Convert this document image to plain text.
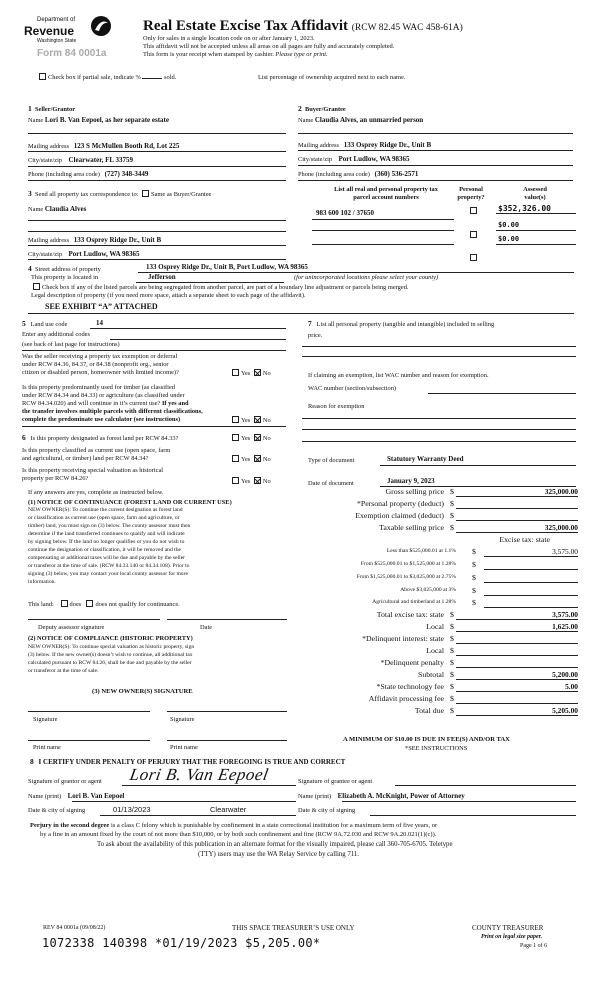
Department of
Revenue
Washington State
Form 84 0001a
Real Estate Excise Tax Affidavit (RCW 82.45 WAC 458-61A)
Only for sales in a single location code on or after January 1, 2023.
This affidavit will not be accepted unless all areas on all pages are fully and accurately completed.
This form is your receipt when stamped by cashier. Please type or print.
Check box if partial sale, indicate %	sold.	List percentage of ownership acquired next to each name.
1 Seller/Grantor
Name Lori B. Van Eepoel, as her separate estate
Mailing address 123 S McMullen Booth Rd, Lot 225
City/state/zip Clearwater, FL 33759
Phone (including area code) (727) 348-3449
2 Buyer/Grantee
Name Claudia Alves, an unmarried person
Mailing address 133 Osprey Ridge Dr., Unit B
City/state/zip Port Ludlow, WA 98365
Phone (including area code) (360) 536-2571
3 Send all property tax correspondence to: Same as Buyer/Grantee
Name Claudia Alves
Mailing address 133 Osprey Ridge Dr., Unit B
City/state/zip Port Ludlow, WA 98365
List all real and personal property tax
parcel account numbers
Personal
property?
Assessed
value(s)
983 600 102 / 37650	$352,326.00
$0.00
$0.00
4 Street address of property	133 Osprey Ridge Dr., Unit B, Port Ludlow, WA 98365
This property is located in	Jefferson	(for unincorporated locations please select your county)
Check box if any of the listed parcels are being segregated from another parcel, are part of a boundary line adjustment or parcels being merged.
Legal description of property (if you need more space, attach a separate sheet to each page of the affidavit).
SEE EXHIBIT “A” ATTACHED
5 Land use code	14
Enter any additional codes
(see back of last page for instructions)
Was the seller receiving a property tax exemption or deferral
under RCW 84.36, 84.37, or 84.38 (nonprofit org., senior
citizen or disabled person, homeowner with limited income)?	Yes No
Is this property predominantly used for timber (as classified
under RCW 84.34 and 84.33) or agriculture (as classified under
RCW 84.34.020) and will continue in it’s current use? If yes and
the transfer involves multiple parcels with different classifications,
complete the predominate use calculator (see instructions)	Yes No
6 Is this property designated as forest land per RCW 84.33?	Yes No
Is this property classified as current use (open space, farm
and agricultural, or timber) land per RCW 84.34?	Yes No
Is this property receiving special valuation as historical
property per RCW 84.26?	Yes No
If any answers are yes, complete as instructed below.
(1) NOTICE OF CONTINUANCE (FOREST LAND OR CURRENT USE)
NEW OWNER(S): To continue the current designation as forest land
or classification as current use (open space, farm and agriculture, or
timber) land, you must sign on (3) below. The county assessor must then
determine if the land transferred continues to qualify and will indicate
by signing below. If the land no longer qualifies or you do not wish to
continue the designation or classification, it will be removed and the
compensating or additional taxes will be due and payable by the seller
or transferor at the time of sale. (RCW 84.33.140 or 84.34.108). Prior to
signing (3) below, you may contact your local county assessor for more
information.
This land: does does not qualify for continuance.
Deputy assessor signature	Date
(2) NOTICE OF COMPLIANCE (HISTORIC PROPERTY)
NEW OWNER(S): To continue special valuation as historic property, sign
(3) below. If the new owner(s) doesn’t wish to continue, all additional tax
calculated pursuant to RCW 84.26, shall be due and payable by the seller
or transferor at the time of sale.
(3) NEW OWNER(S) SIGNATURE
Signature	Signature
Print name	Print name
7 List all personal property (tangible and intangible) included in selling
price.
If claiming an exemption, list WAC number and reason for exemption.
WAC number (section/subsection)
Reason for exemption
Type of document	Statutory Warranty Deed
Date of document	January 9, 2023
Gross selling price $	325,000.00
*Personal property (deduct) $
Exemption claimed (deduct) $
Taxable selling price $	325,000.00
Excise tax: state
Less than $525,000.01 at 1.1% $	3,575.00
From $525,000.01 to $1,525,000 at 1.28% $
From $1,525,000.01 to $3,025,000 at 2.75% $
Above $3,025,000 at 3% $
Agricultural and timberland at 1.28% $
Total excise tax: state $	3,575.00
Local $	1,625.00
*Delinquent interest: state $
Local $
*Delinquent penalty $
Subtotal $	5,200.00
*State technology fee $	5.00
Affidavit processing fee $
Total due $	5,205.00
A MINIMUM OF $10.00 IS DUE IN FEE(S) AND/OR TAX
*SEE INSTRUCTIONS
8 I CERTIFY UNDER PENALTY OF PERJURY THAT THE FOREGOING IS TRUE AND CORRECT
Signature of grantor or agent Lori B. Van Eepoel	Signature of grantee or agent
Name (print) Lori B. Van Eepoel	Name (print) Elizabeth A. McKnight, Power of Attorney
Date & city of signing	01/13/2023	Clearwater	Date & city of signing
Perjury in the second degree is a class C felony which is punishable by confinement in a state correctional institution for a maximum term of five years, or
by a fine in an amount fixed by the court of not more than $10,000, or by both such confinement and fine (RCW 9A.72.030 and RCW 9A.20.021(1)(c)).
To ask about the availability of this publication in an alternate format for the visually impaired, please call 360-705-6705. Teletype
(TTY) users may use the WA Relay Service by calling 711.
REV 84 0001a (09/08/22)	THIS SPACE TREASURER’S USE ONLY	COUNTY TREASURER
Print on legal size paper.
Page 1 of 6
1072338 140398 *01/19/2023 $5,205.00*
